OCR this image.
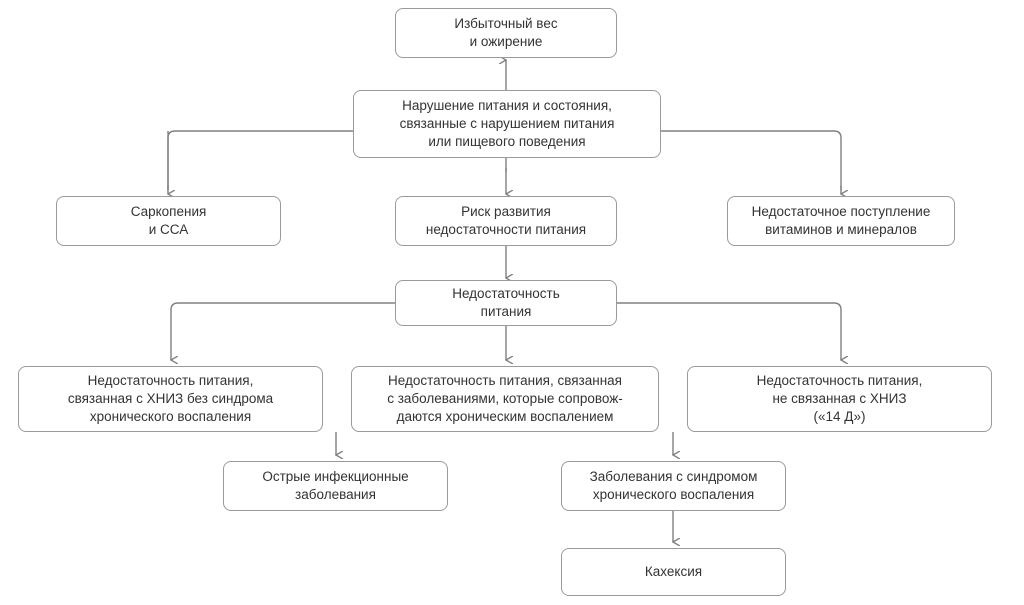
Избыточный вес
и ожирение
Нарушение питания и состояния,
связанные с нарушением питания
или пищевого поведения
Саркопения
и ССА
Риск развития
недостаточности питания
Недостаточное поступление
витаминов и минералов
Недостаточность
питания
Недостаточность питания,
связанная с ХНИЗ без синдрома
хронического воспаления
Недостаточность питания, связанная
с заболеваниями, которые сопровож-
даются хроническим воспалением
Недостаточность питания,
не связанная с ХНИЗ
(«14 Д»)
Острые инфекционные
заболевания
Заболевания с синдромом
хронического воспаления
Кахексия
